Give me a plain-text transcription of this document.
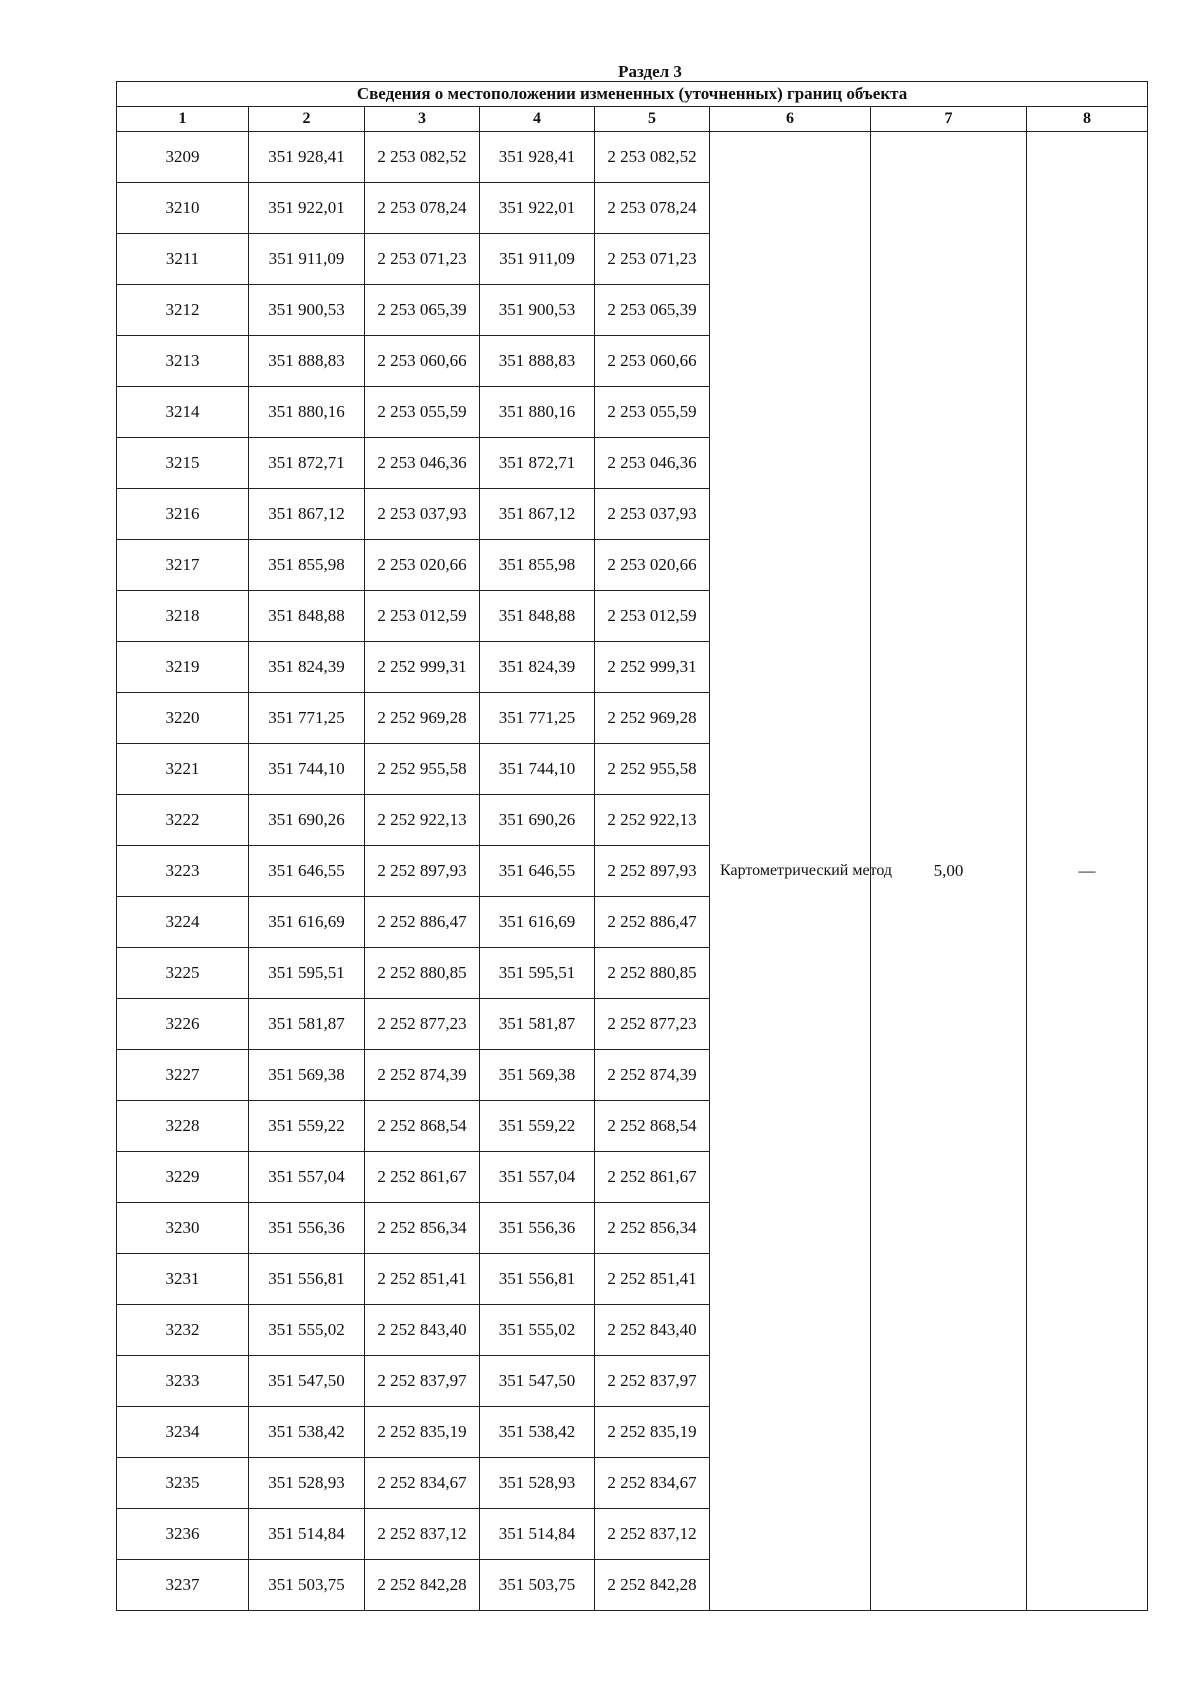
Раздел 3
Сведения о местоположении измененных (уточненных) границ объекта							
1	2	3	4	5	6	7	8
3209	351 928,41	2 253 082,52	351 928,41	2 253 082,52	Картометрический метод	5,00	—
3210	351 922,01	2 253 078,24	351 922,01	2 253 078,24			
3211	351 911,09	2 253 071,23	351 911,09	2 253 071,23			
3212	351 900,53	2 253 065,39	351 900,53	2 253 065,39			
3213	351 888,83	2 253 060,66	351 888,83	2 253 060,66			
3214	351 880,16	2 253 055,59	351 880,16	2 253 055,59			
3215	351 872,71	2 253 046,36	351 872,71	2 253 046,36			
3216	351 867,12	2 253 037,93	351 867,12	2 253 037,93			
3217	351 855,98	2 253 020,66	351 855,98	2 253 020,66			
3218	351 848,88	2 253 012,59	351 848,88	2 253 012,59			
3219	351 824,39	2 252 999,31	351 824,39	2 252 999,31			
3220	351 771,25	2 252 969,28	351 771,25	2 252 969,28			
3221	351 744,10	2 252 955,58	351 744,10	2 252 955,58			
3222	351 690,26	2 252 922,13	351 690,26	2 252 922,13			
3223	351 646,55	2 252 897,93	351 646,55	2 252 897,93			
3224	351 616,69	2 252 886,47	351 616,69	2 252 886,47			
3225	351 595,51	2 252 880,85	351 595,51	2 252 880,85			
3226	351 581,87	2 252 877,23	351 581,87	2 252 877,23			
3227	351 569,38	2 252 874,39	351 569,38	2 252 874,39			
3228	351 559,22	2 252 868,54	351 559,22	2 252 868,54			
3229	351 557,04	2 252 861,67	351 557,04	2 252 861,67			
3230	351 556,36	2 252 856,34	351 556,36	2 252 856,34			
3231	351 556,81	2 252 851,41	351 556,81	2 252 851,41			
3232	351 555,02	2 252 843,40	351 555,02	2 252 843,40			
3233	351 547,50	2 252 837,97	351 547,50	2 252 837,97			
3234	351 538,42	2 252 835,19	351 538,42	2 252 835,19			
3235	351 528,93	2 252 834,67	351 528,93	2 252 834,67			
3236	351 514,84	2 252 837,12	351 514,84	2 252 837,12			
3237	351 503,75	2 252 842,28	351 503,75	2 252 842,28			
